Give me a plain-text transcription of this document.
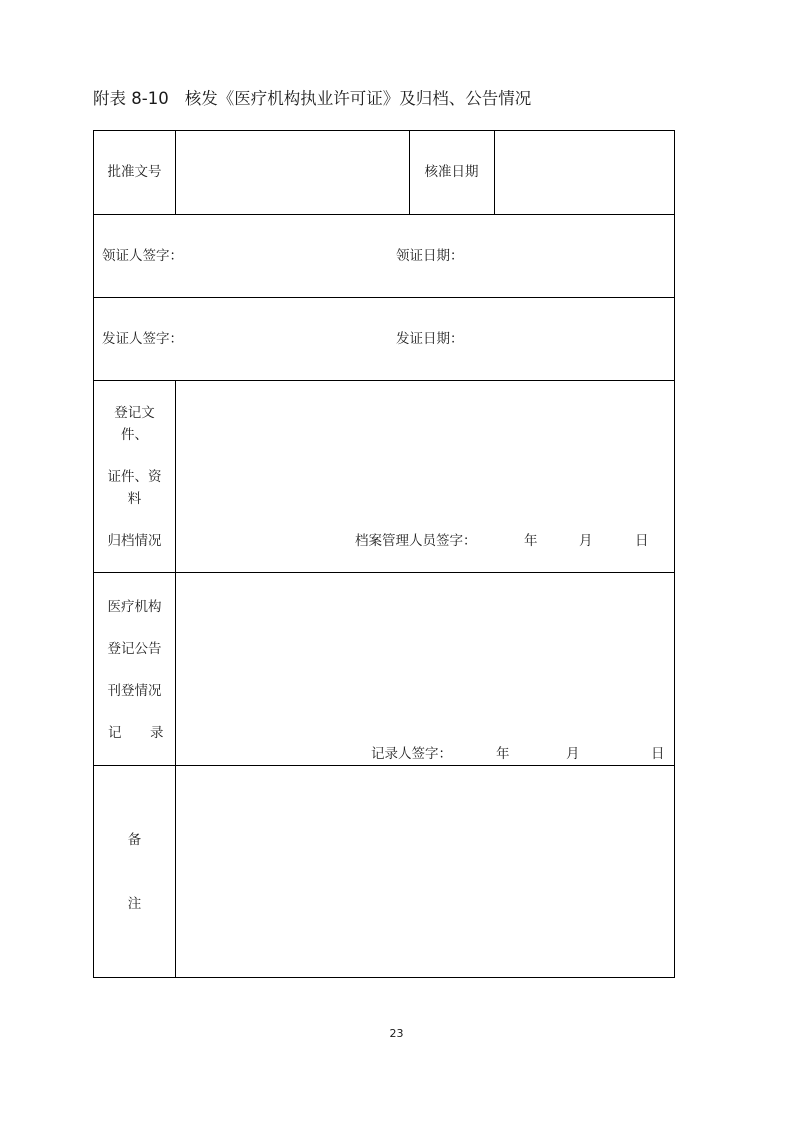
附表 8-10 核发《医疗机构执业许可证》及归档、公告情况
批准文号	核准日期
领证人签字：	领证日期：
发证人签字：	发证日期：
登记文
件、
证件、资
料
归档情况	档案管理人员签字：	年	月	日
医疗机构
登记公告
刊登情况
记 录
记录人签字：	年	月	日
备
注
23
